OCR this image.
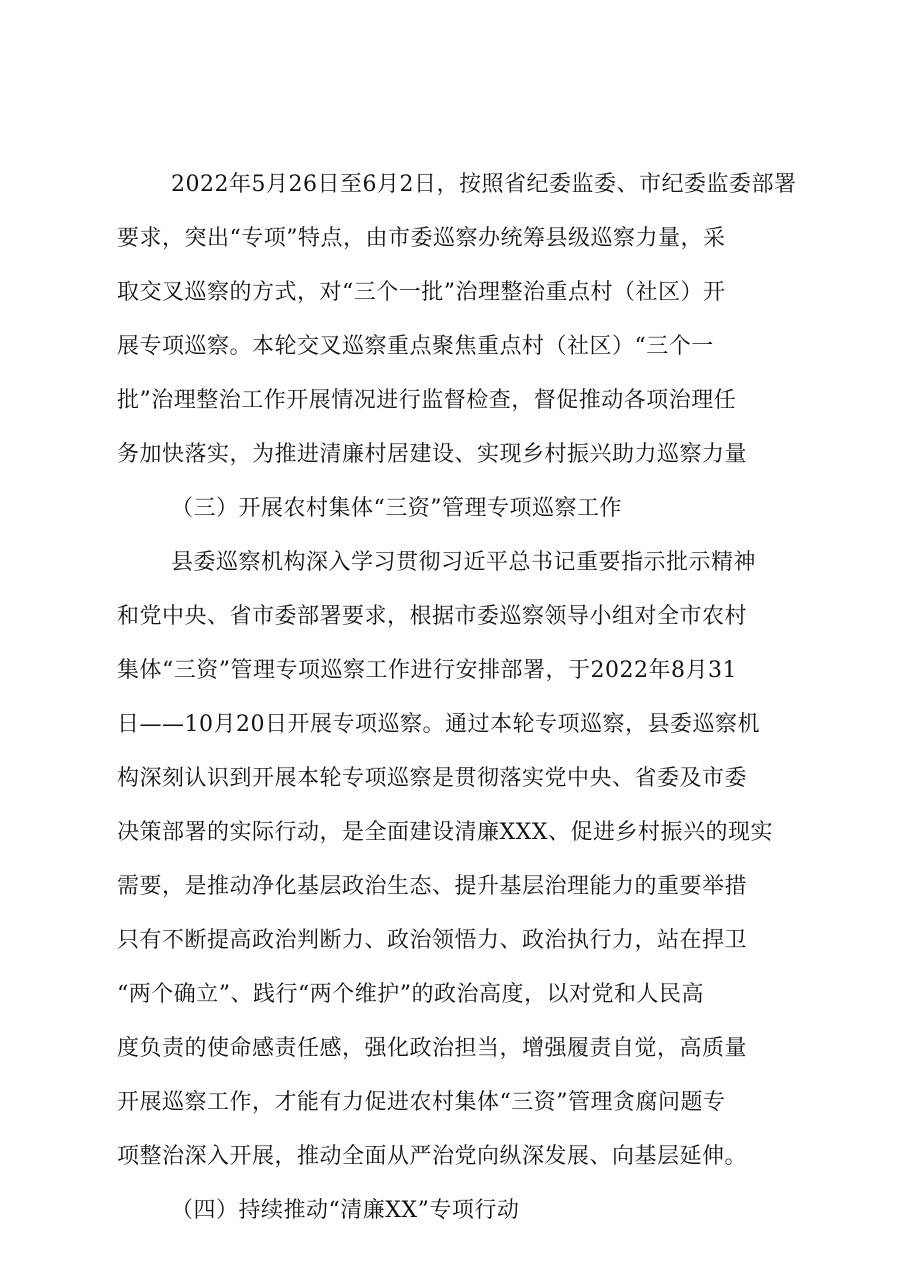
2022年5月26日至6月2日，按照省纪委监委、市纪委监委部署
要求，突出“专项”特点，由市委巡察办统筹县级巡察力量，采
取交叉巡察的方式，对“三个一批”治理整治重点村（社区）开
展专项巡察。本轮交叉巡察重点聚焦重点村（社区）“三个一
批”治理整治工作开展情况进行监督检查，督促推动各项治理任
务加快落实，为推进清廉村居建设、实现乡村振兴助力巡察力量
（三）开展农村集体“三资”管理专项巡察工作
县委巡察机构深入学习贯彻习近平总书记重要指示批示精神
和党中央、省市委部署要求，根据市委巡察领导小组对全市农村
集体“三资”管理专项巡察工作进行安排部署，于2022年8月31
日——10月20日开展专项巡察。通过本轮专项巡察，县委巡察机
构深刻认识到开展本轮专项巡察是贯彻落实党中央、省委及市委
决策部署的实际行动，是全面建设清廉XXX、促进乡村振兴的现实
需要，是推动净化基层政治生态、提升基层治理能力的重要举措
只有不断提高政治判断力、政治领悟力、政治执行力，站在捍卫
“两个确立”、践行“两个维护”的政治高度，以对党和人民高
度负责的使命感责任感，强化政治担当，增强履责自觉，高质量
开展巡察工作，才能有力促进农村集体“三资”管理贪腐问题专
项整治深入开展，推动全面从严治党向纵深发展、向基层延伸。
（四）持续推动“清廉XX”专项行动
